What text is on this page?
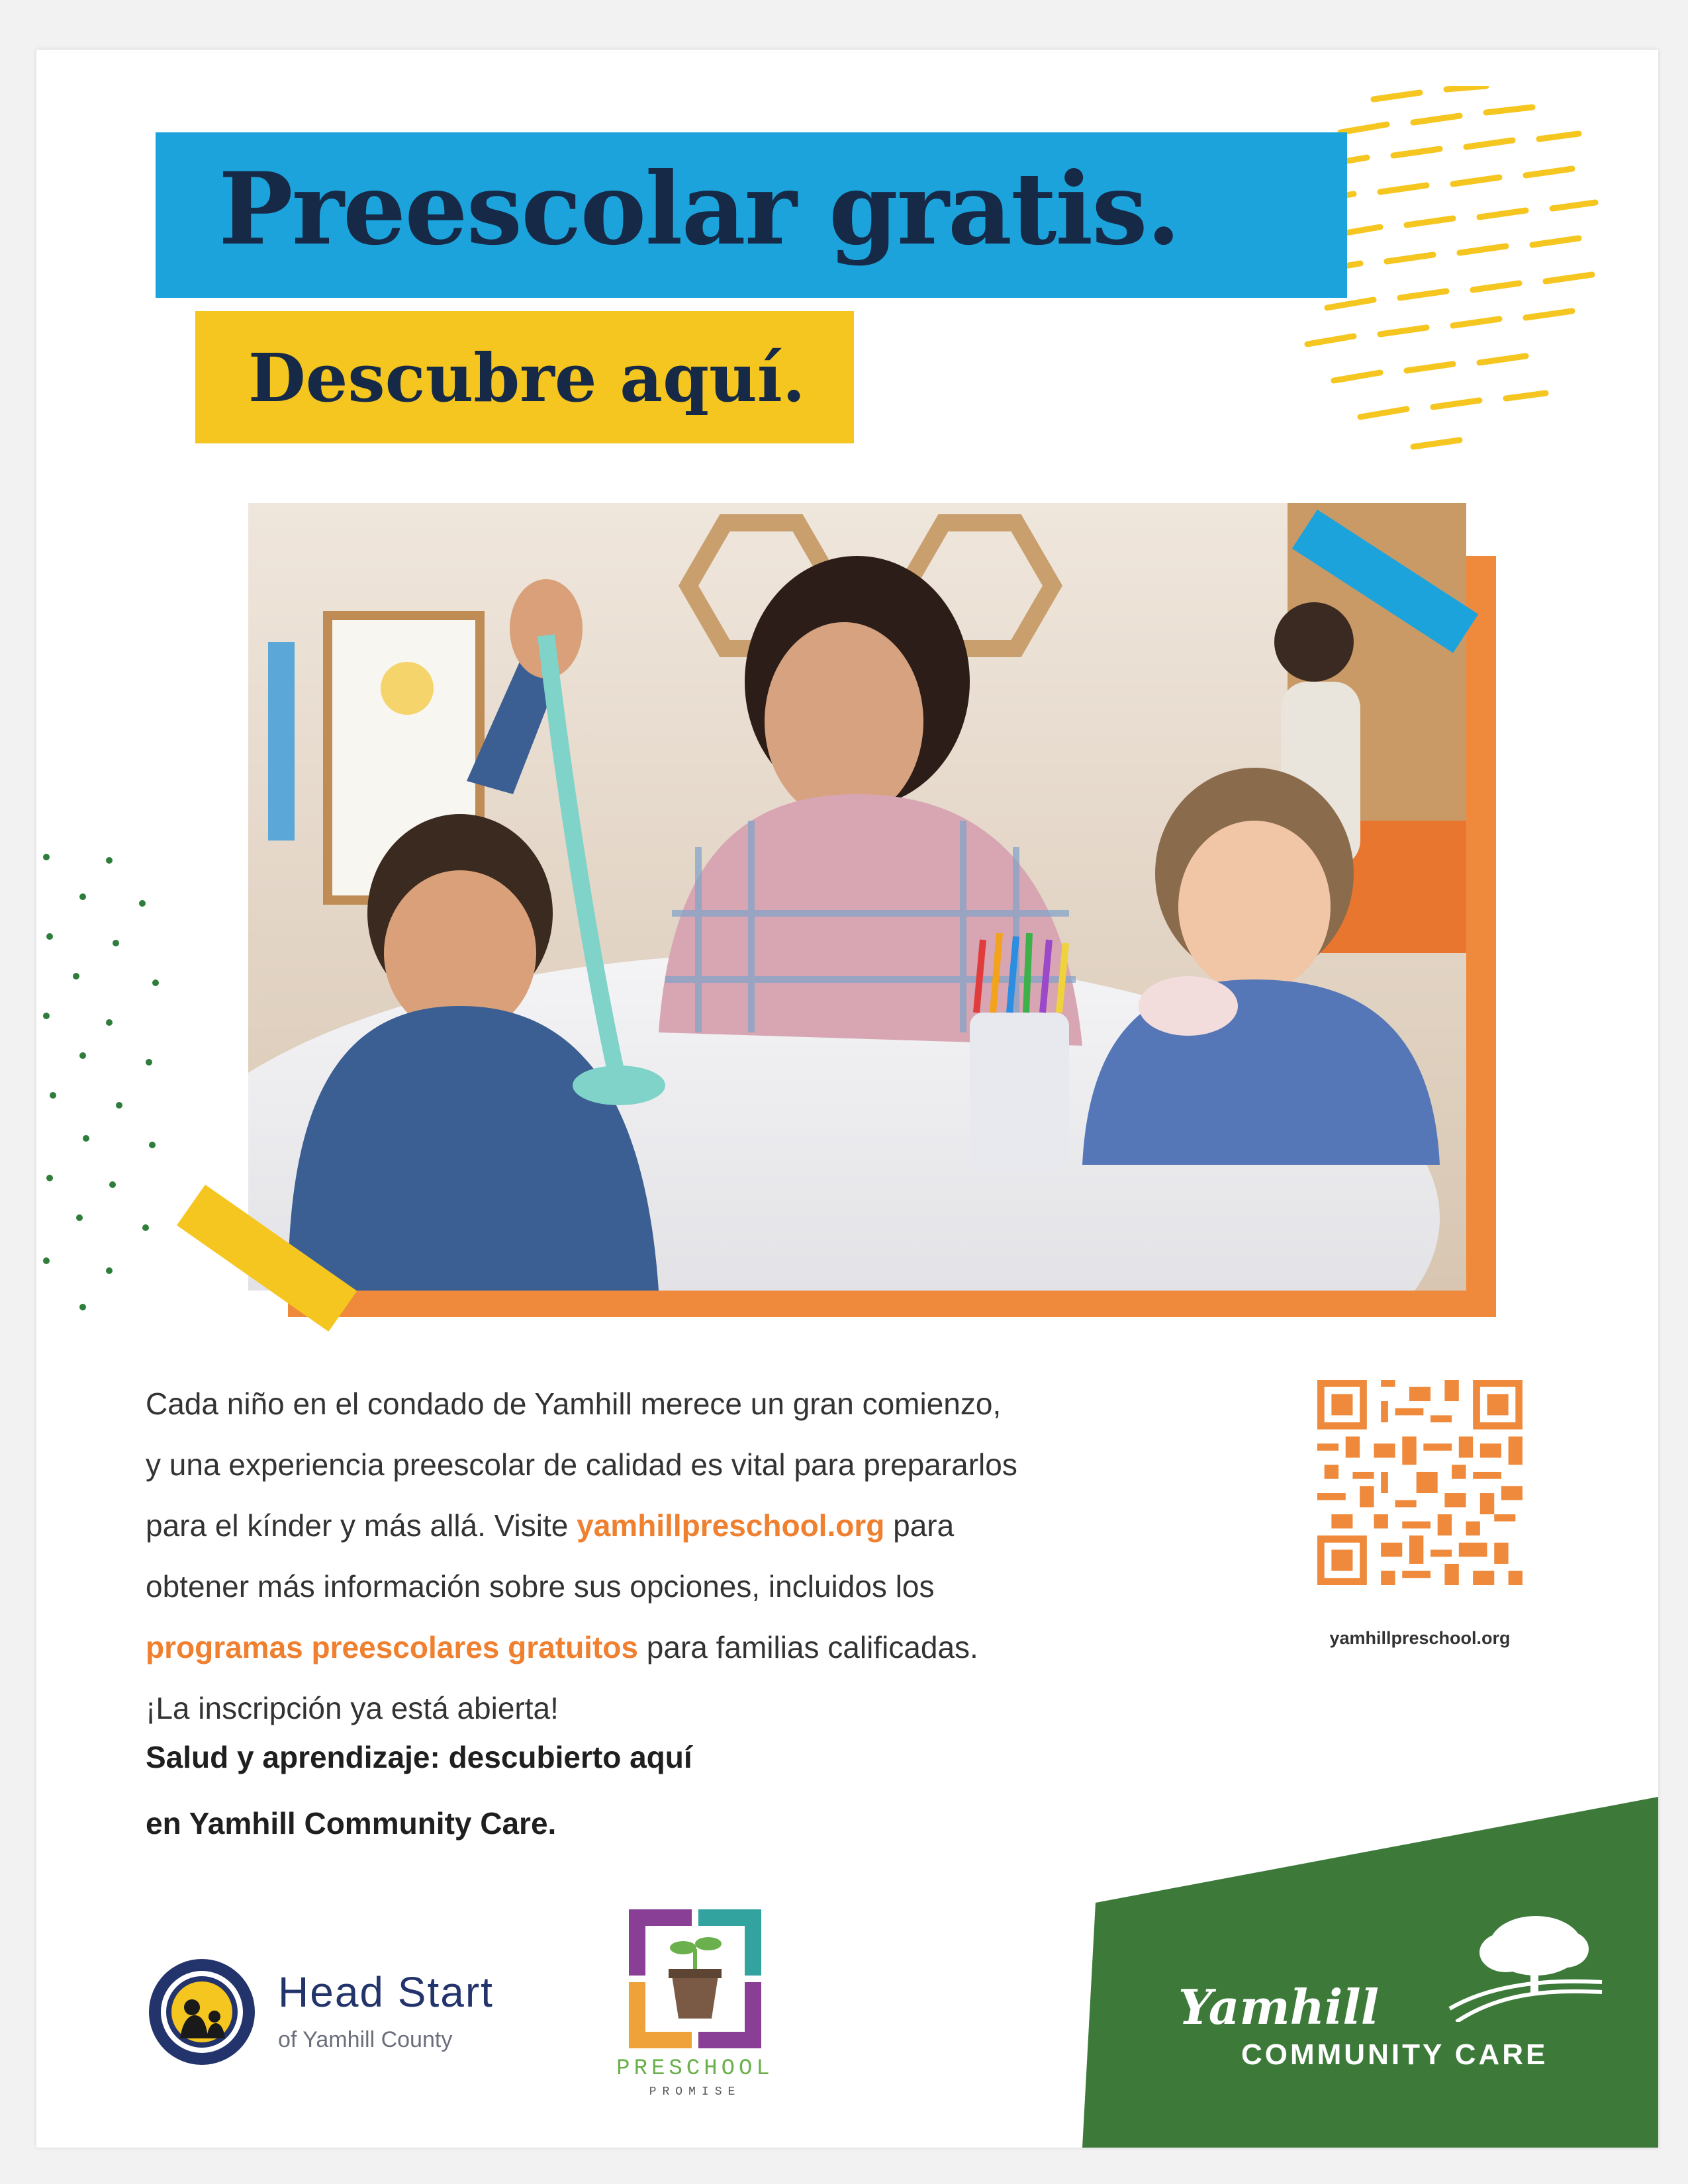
Preescolar gratis.
Descubre aquí.

Cada niño en el condado de Yamhill merece un gran comienzo,
y una experiencia preescolar de calidad es vital para prepararlos
para el kínder y más allá. Visite yamhillpreschool.org para
obtener más información sobre sus opciones, incluidos los
programas preescolares gratuitos para familias calificadas.
¡La inscripción ya está abierta!

Salud y aprendizaje: descubierto aquí
en Yamhill Community Care.

yamhillpreschool.org
Head Start
of Yamhill County
PRESCHOOL
PROMISE
Yamhill
COMMUNITY CARE
